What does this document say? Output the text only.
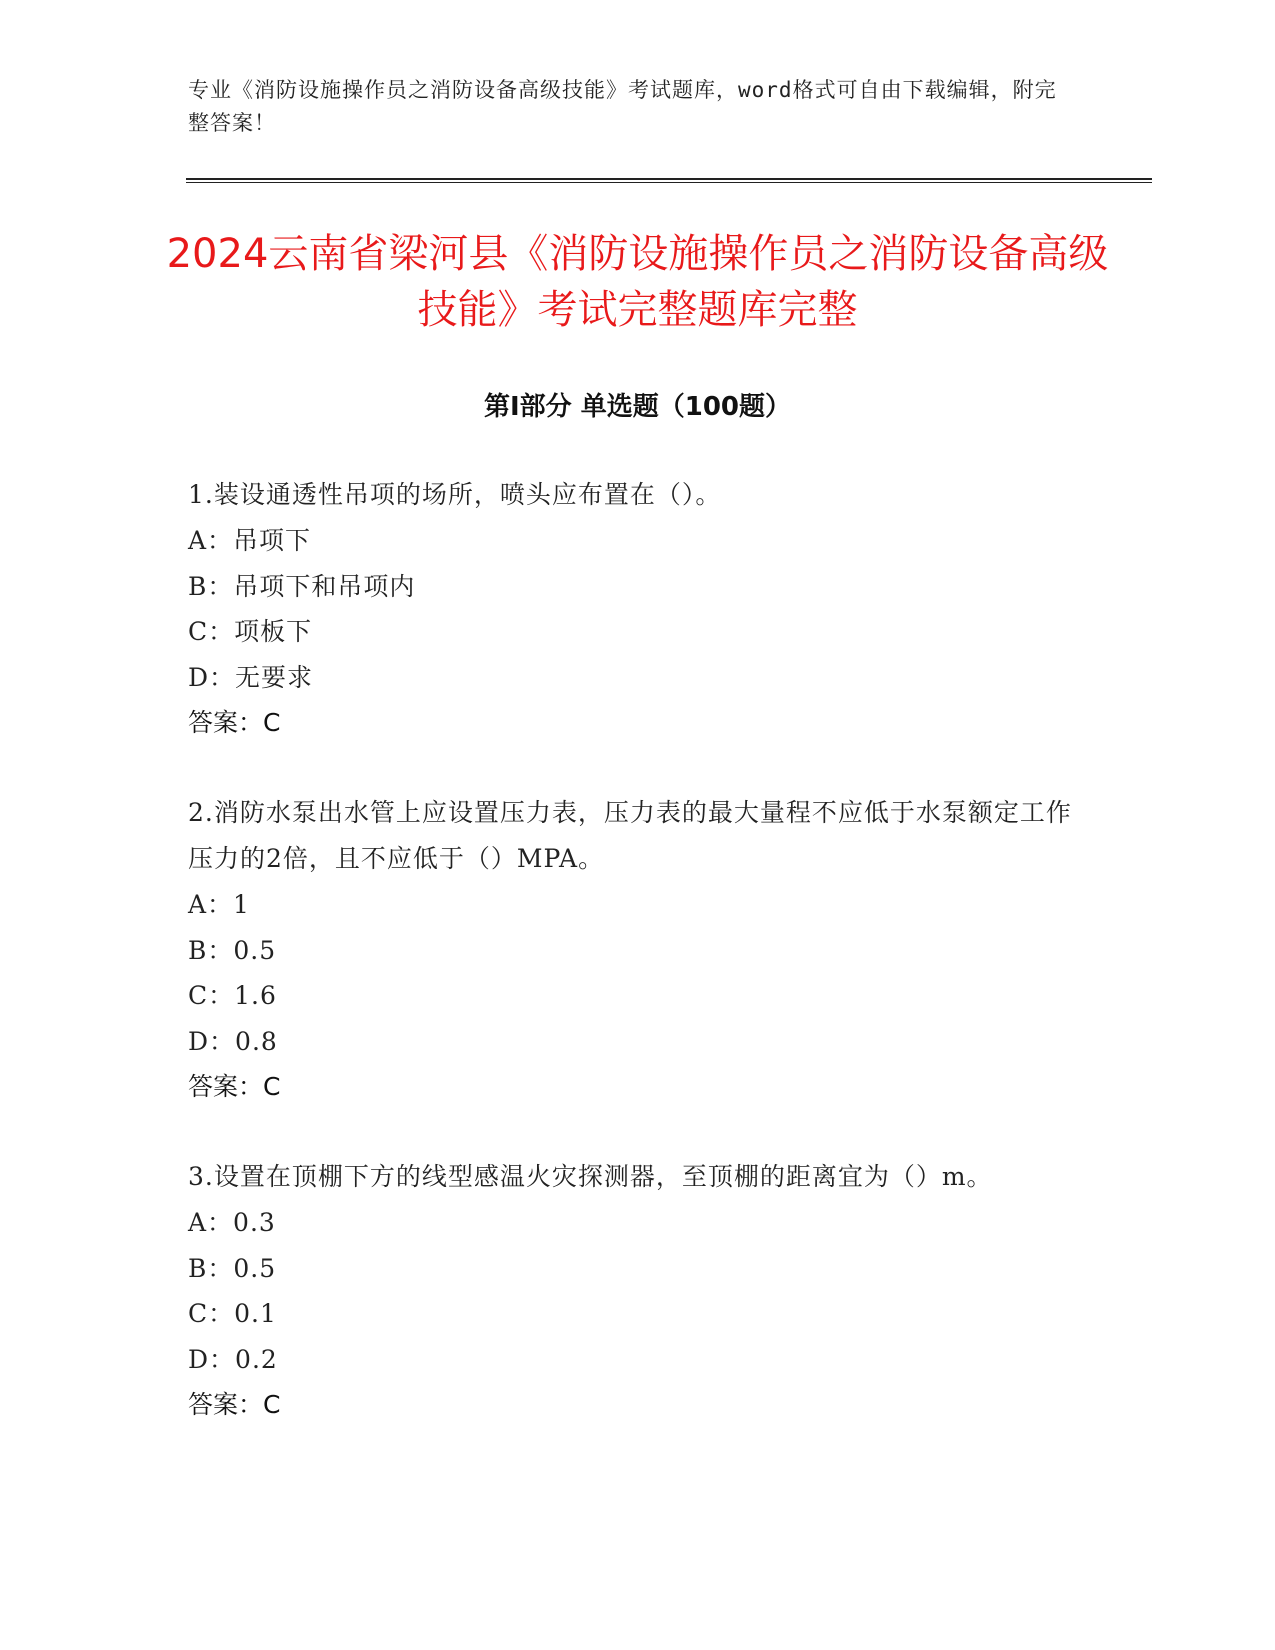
专业《消防设施操作员之消防设备高级技能》考试题库，word格式可自由下载编辑，附完整答案！
2024云南省梁河县《消防设施操作员之消防设备高级技能》考试完整题库完整
第Ⅰ部分 单选题（100题）
1.装设通透性吊项的场所，喷头应布置在（）。
A：吊项下
B：吊项下和吊项内
C：项板下
D：无要求
答案：C
2.消防水泵出水管上应设置压力表，压力表的最大量程不应低于水泵额定工作压力的2倍，且不应低于（）MPA。
A：1
B：0.5
C：1.6
D：0.8
答案：C
3.设置在顶棚下方的线型感温火灾探测器，至顶棚的距离宜为（）m。
A：0.3
B：0.5
C：0.1
D：0.2
答案：C
